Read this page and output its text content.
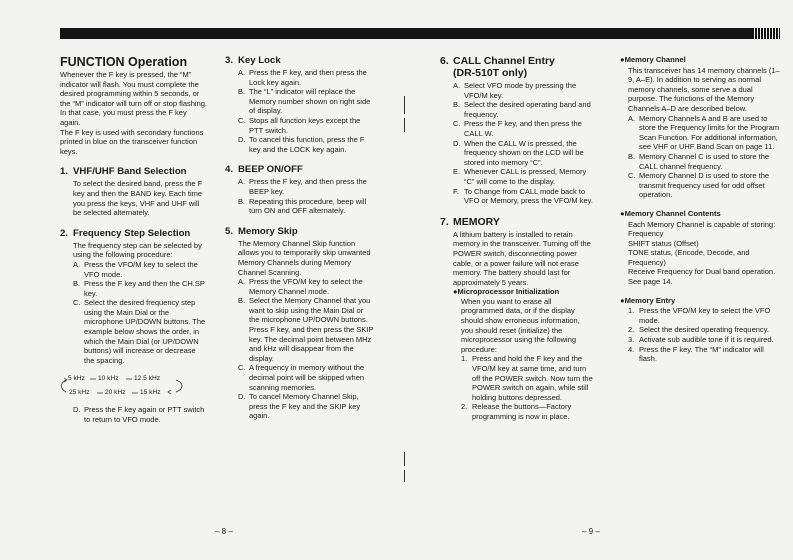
FUNCTION Operation

Whenever the F key is pressed, the “M” indicator will flash. You must complete the desired programming within 5 seconds, or the “M” indicator will turn off or stop flashing. In that case, you must press the F key again.

The F key is used with secondary functions printed in blue on the transceiver function keys.

1. VHF/UHF Band Selection

To select the desired band, press the F key and then the BAND key. Each time you press the keys, VHF and UHF will be selected alternately.

2. Frequency Step Selection

The frequency step can be selected by using the following procedure:

A. Press the VFO/M key to select the VFO mode.
B. Press the F key and then the CH.SP key.
C. Select the desired frequency step using the Main Dial or the microphone UP/DOWN buttons. The example below shows the order, in which the Main Dial (or UP/DOWN buttons) will increase or decrease the spacing.
5 kHz 10 kHz 12.5 kHz
25 kHz 20 kHz 15 kHz
D. Press the F key again or PTT switch to return to VFO mode.
3. Key Lock
A. Press the F key, and then press the Lock key again.
B. The “L” indicator will replace the Memory number shown on right side of display.
C. Stops all function keys except the PTT switch.
D. To cancel this function, press the F key and the LOCK key again.
4. BEEP ON/OFF
A. Press the F key, and then press the BEEP key.
B. Repeating this procedure, beep will turn ON and OFF alternately.
5. Memory Skip

The Memory Channel Skip function allows you to temporarily skip unwanted Memory Channels during Memory Channel Scanning.

A. Press the VFO/M key to select the Memory Channel mode.
B. Select the Memory Channel that you want to skip using the Main Dial or the microphone UP/DOWN buttons.
Press F key, and then press the SKIP key. The decimal point between MHz and kHz will disappear from the display.
C. A frequency in memory without the decimal point will be skipped when scanning memories.
D. To cancel Memory Channel Skip, press the F key and the SKIP key again.
– 8 –
6. CALL Channel Entry
(DR-510T only)
A. Select VFO mode by pressing the VFO/M key.
B. Select the desired operating band and frequency.
C. Press the F key, and then press the CALL W.
D. When the CALL W is pressed, the frequency shown on the LCD will be stored into memory “C”.
E. Whenever CALL is pressed, Memory “C” will come to the display.
F. To Change from CALL mode back to VFO or Memory, press the VFO/M key.
7. MEMORY

A lithium battery is installed to retain memory in the transceiver. Turning off the POWER switch, disconnecting power cable, or a power failure will not erase memory. The battery should last for approximately 5 years.

●Microprocessor Initialization

When you want to erase all programmed data, or if the display should show erroneous information, you should reset (initialize) the microprocessor using the following procedure:

1. Press and hold the F key and the VFO/M key at same time, and turn off the POWER switch. Now turn the POWER switch on again, while still holding buttons depressed.
2. Release the buttons—Factory programming is now in place.
– 9 –
●Memory Channel

This transceiver has 14 memory channels (1–9, A–E). In addition to serving as normal memory channels, some serve a dual purpose. The functions of the Memory Channels A–D are described below.

A. Memory Channels A and B are used to store the Frequency limits for the Program Scan Function. For additional information, see VHF or UHF Band Scan on page 11.
B. Memory Channel C is used to store the CALL channel frequency.
C. Memory Channel D is used to store the transmit frequency used for odd offset operation.
●Memory Channel Contents

Each Memory Channel is capable of storing:

Frequency

SHIFT status (Offset)

TONE status, (Encode, Decode, and Frequency)

Receive Frequency for Dual band operation. See page 14.

●Memory Entry
1. Press the VFO/M key to select the VFO mode.
2. Select the desired operating frequency.
3. Activate sub audible tone if it is required.
4. Press the F key. The “M” indicator will flash.
